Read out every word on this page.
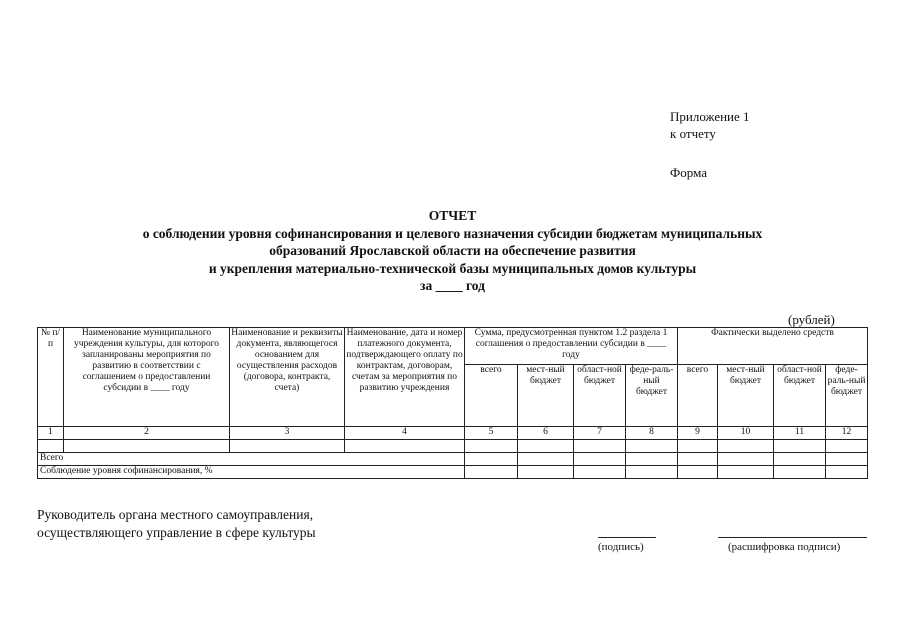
Приложение 1
к отчету
Форма
ОТЧЕТ
о соблюдении уровня софинансирования и целевого назначения субсидии бюджетам муниципальных
образований Ярославской области на обеспечение развития
и укрепления материально-технической базы муниципальных домов культуры
за ____ год
(рублей)
№ п/п	Наименование муниципального учреждения культуры, для которого запланированы мероприятия по развитию в соответствии с соглашением о предоставлении субсидии в ____ году	Наименование и реквизиты документа, являющегося основанием для осуществления расходов (договора, контракта, счета)	Наименование, дата и номер платежного документа, подтверждающего оплату по контрактам, договорам, счетам за мероприятия по развитию учреждения	Сумма, предусмотренная пунктом 1.2 раздела 1 соглашения о предоставлении субсидии в ____ году				Фактически выделено средств			
				всего	мест-ный бюджет	област-ной бюджет	феде-раль-ный бюджет	всего	мест-ный бюджет	област-ной бюджет	феде-раль-ный бюджет
1	2	3	4	5	6	7	8	9	10	11	12

Всего											
Соблюдение уровня софинансирования, %											
Руководитель органа местного самоуправления,
осуществляющего управление в сфере культуры
(подпись)	(расшифровка подписи)
